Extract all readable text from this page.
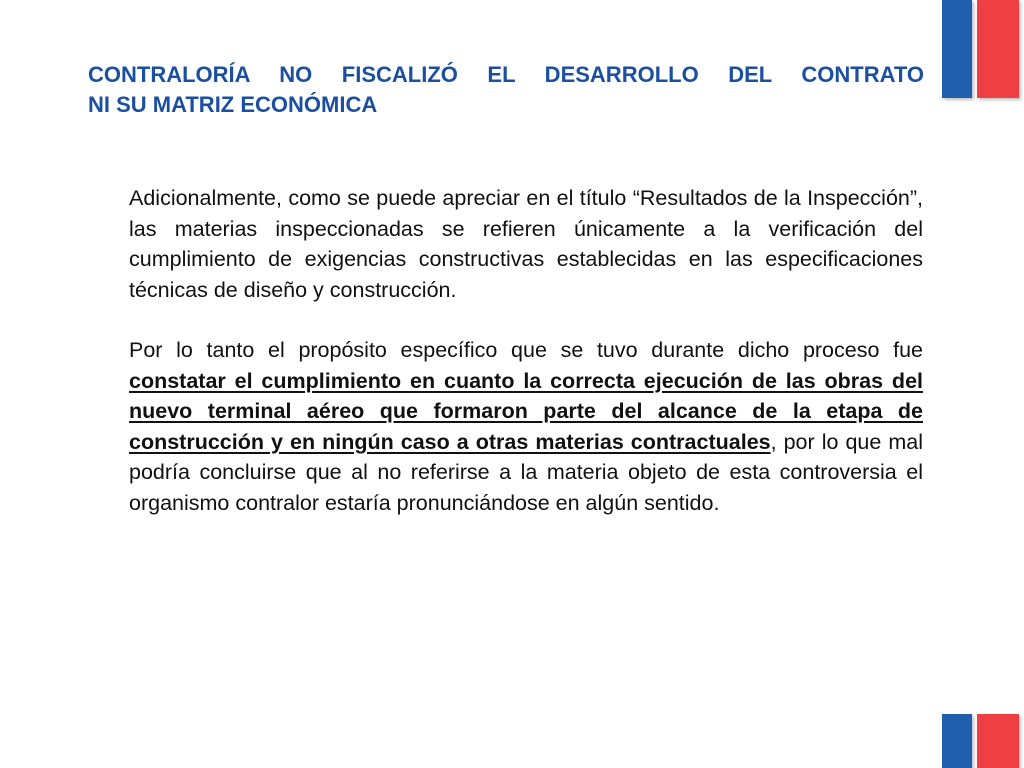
CONTRALORÍA NO FISCALIZÓ EL DESARROLLO DEL CONTRATO
NI SU MATRIZ ECONÓMICA

Adicionalmente, como se puede apreciar en el título “Resultados de la Inspección”, las materias inspeccionadas se refieren únicamente a la verificación del cumplimiento de exigencias constructivas establecidas en las especificaciones técnicas de diseño y construcción.

Por lo tanto el propósito específico que se tuvo durante dicho proceso fue constatar el cumplimiento en cuanto la correcta ejecución de las obras del nuevo terminal aéreo que formaron parte del alcance de la etapa de construcción y en ningún caso a otras materias contractuales, por lo que mal podría concluirse que al no referirse a la materia objeto de esta controversia el organismo contralor estaría pronunciándose en algún sentido.
